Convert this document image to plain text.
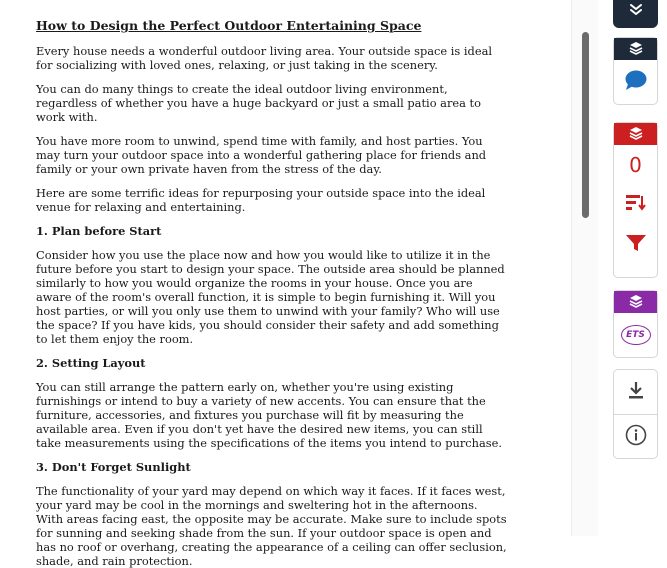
How to Design the Perfect Outdoor Entertaining Space

Every house needs a wonderful outdoor living area. Your outside space is ideal for socializing with loved ones, relaxing, or just taking in the scenery.

You can do many things to create the ideal outdoor living environment, regardless of whether you have a huge backyard or just a small patio area to work with.

You have more room to unwind, spend time with family, and host parties. You may turn your outdoor space into a wonderful gathering place for friends and family or your own private haven from the stress of the day.

Here are some terrific ideas for repurposing your outside space into the ideal venue for relaxing and entertaining.

1. Plan before Start

Consider how you use the place now and how you would like to utilize it in the future before you start to design your space. The outside area should be planned similarly to how you would organize the rooms in your house. Once you are aware of the room's overall function, it is simple to begin furnishing it. Will you host parties, or will you only use them to unwind with your family? Who will use the space? If you have kids, you should consider their safety and add something to let them enjoy the room.

2. Setting Layout

You can still arrange the pattern early on, whether you're using existing furnishings or intend to buy a variety of new accents. You can ensure that the furniture, accessories, and fixtures you purchase will fit by measuring the available area. Even if you don't yet have the desired new items, you can still take measurements using the specifications of the items you intend to purchase.

3. Don't Forget Sunlight

The functionality of your yard may depend on which way it faces. If it faces west, your yard may be cool in the mornings and sweltering hot in the afternoons. With areas facing east, the opposite may be accurate. Make sure to include spots for sunning and seeking shade from the sun. If your outdoor space is open and has no roof or overhang, creating the appearance of a ceiling can offer seclusion, shade, and rain protection.

0
ETS
